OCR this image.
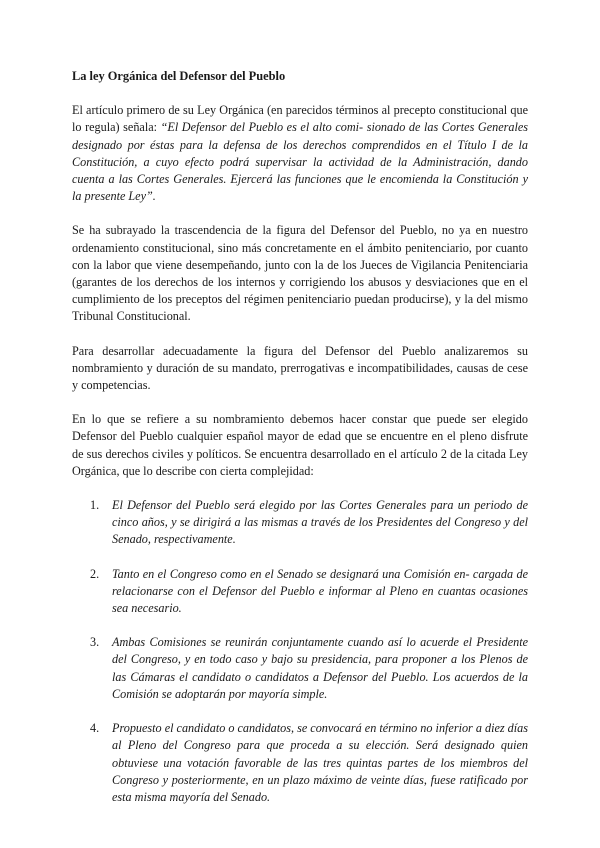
La ley Orgánica del Defensor del Pueblo

El artículo primero de su Ley Orgánica (en parecidos términos al precepto constitucional que lo regula) señala: “El Defensor del Pueblo es el alto comi- sionado de las Cortes Generales designado por éstas para la defensa de los derechos comprendidos en el Título I de la Constitución, a cuyo efecto podrá supervisar la actividad de la Administración, dando cuenta a las Cortes Generales. Ejercerá las funciones que le encomienda la Constitución y la presente Ley”.

Se ha subrayado la trascendencia de la figura del Defensor del Pueblo, no ya en nuestro ordenamiento constitucional, sino más concretamente en el ámbito penitenciario, por cuanto con la labor que viene desempeñando, junto con la de los Jueces de Vigilancia Penitenciaria (garantes de los derechos de los internos y corrigiendo los abusos y desviaciones que en el cumplimiento de los preceptos del régimen penitenciario puedan producirse), y la del mismo Tribunal Constitucional.

Para desarrollar adecuadamente la figura del Defensor del Pueblo analizaremos su nombramiento y duración de su mandato, prerrogativas e incompatibilidades, causas de cese y competencias.

En lo que se refiere a su nombramiento debemos hacer constar que puede ser elegido Defensor del Pueblo cualquier español mayor de edad que se encuentre en el pleno disfrute de sus derechos civiles y políticos. Se encuentra desarrollado en el artículo 2 de la citada Ley Orgánica, que lo describe con cierta complejidad:

1. El Defensor del Pueblo será elegido por las Cortes Generales para un periodo de cinco años, y se dirigirá a las mismas a través de los Presidentes del Congreso y del Senado, respectivamente.
2. Tanto en el Congreso como en el Senado se designará una Comisión en- cargada de relacionarse con el Defensor del Pueblo e informar al Pleno en cuantas ocasiones sea necesario.
3. Ambas Comisiones se reunirán conjuntamente cuando así lo acuerde el Presidente del Congreso, y en todo caso y bajo su presidencia, para proponer a los Plenos de las Cámaras el candidato o candidatos a Defensor del Pueblo. Los acuerdos de la Comisión se adoptarán por mayoría simple.
4. Propuesto el candidato o candidatos, se convocará en término no inferior a diez días al Pleno del Congreso para que proceda a su elección. Será designado quien obtuviese una votación favorable de las tres quintas partes de los miembros del Congreso y posteriormente, en un plazo máximo de veinte días, fuese ratificado por esta misma mayoría del Senado.
